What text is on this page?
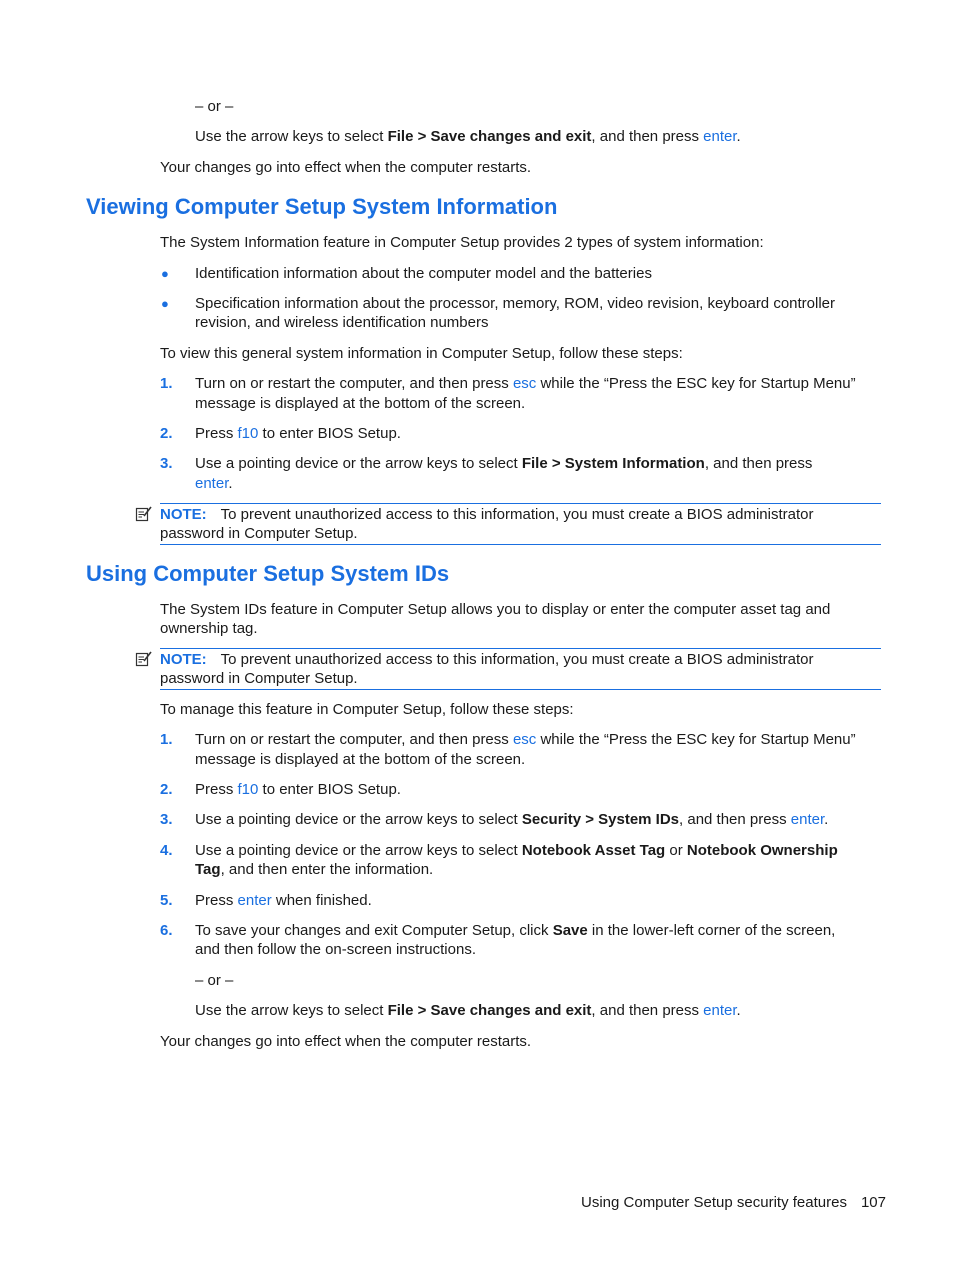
– or –
Use the arrow keys to select File > Save changes and exit, and then press enter.
Your changes go into effect when the computer restarts.
Viewing Computer Setup System Information
The System Information feature in Computer Setup provides 2 types of system information:
● Identification information about the computer model and the batteries
● Specification information about the processor, memory, ROM, video revision, keyboard controller
revision, and wireless identification numbers
To view this general system information in Computer Setup, follow these steps:
1. Turn on or restart the computer, and then press esc while the “Press the ESC key for Startup Menu”
message is displayed at the bottom of the screen.
2. Press f10 to enter BIOS Setup.
3. Use a pointing device or the arrow keys to select File > System Information, and then press
enter.
NOTE: To prevent unauthorized access to this information, you must create a BIOS administrator
password in Computer Setup.
Using Computer Setup System IDs
The System IDs feature in Computer Setup allows you to display or enter the computer asset tag and
ownership tag.
NOTE: To prevent unauthorized access to this information, you must create a BIOS administrator
password in Computer Setup.
To manage this feature in Computer Setup, follow these steps:
1. Turn on or restart the computer, and then press esc while the “Press the ESC key for Startup Menu”
message is displayed at the bottom of the screen.
2. Press f10 to enter BIOS Setup.
3. Use a pointing device or the arrow keys to select Security > System IDs, and then press enter.
4. Use a pointing device or the arrow keys to select Notebook Asset Tag or Notebook Ownership
Tag, and then enter the information.
5. Press enter when finished.
6. To save your changes and exit Computer Setup, click Save in the lower-left corner of the screen,
and then follow the on-screen instructions.
– or –
Use the arrow keys to select File > Save changes and exit, and then press enter.
Your changes go into effect when the computer restarts.
Using Computer Setup security features 107
